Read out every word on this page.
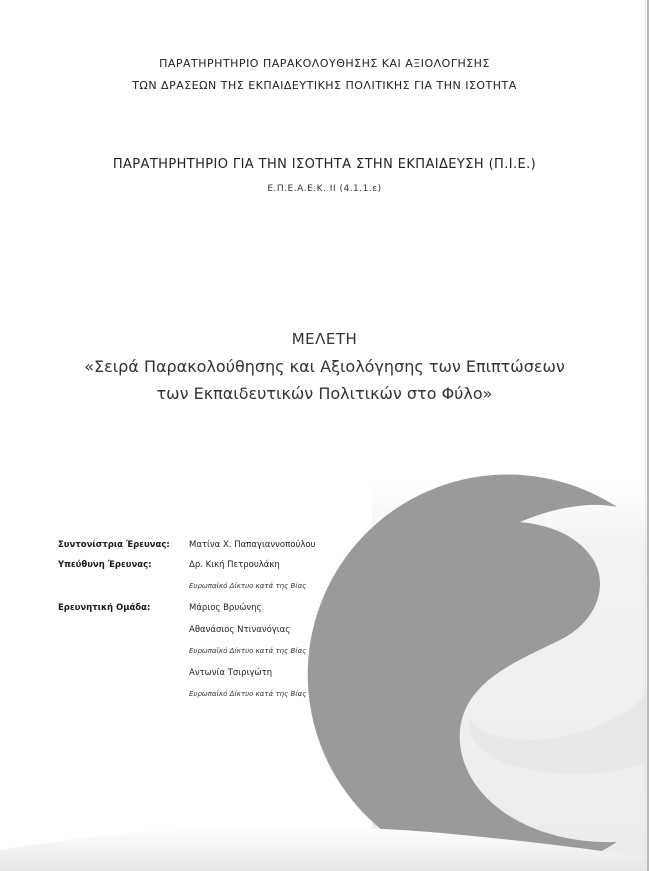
ΠΑΡΑΤΗΡΗΤΗΡΙΟ ΠΑΡΑΚΟΛΟΥΘΗΣΗΣ ΚΑΙ ΑΞΙΟΛΟΓΗΣΗΣ
ΤΩΝ ΔΡΑΣΕΩΝ ΤΗΣ ΕΚΠΑΙΔΕΥΤΙΚΗΣ ΠΟΛΙΤΙΚΗΣ ΓΙΑ ΤΗΝ ΙΣΟΤΗΤΑ
ΠΑΡΑΤΗΡΗΤΗΡΙΟ ΓΙΑ ΤΗΝ ΙΣΟΤΗΤΑ ΣΤΗΝ ΕΚΠΑΙΔΕΥΣΗ (Π.Ι.Ε.)
Ε.Π.Ε.Α.Ε.Κ. ΙΙ (4.1.1.ε)
ΜΕΛΕΤΗ
«Σειρά Παρακολούθησης και Αξιολόγησης των Επιπτώσεων
των Εκπαιδευτικών Πολιτικών στο Φύλο»
Συντονίστρια Έρευνας:	Ματίνα Χ. Παπαγιαννοπούλου
Υπεύθυνη Έρευνας:	Δρ. Κική Πετρουλάκη
Ευρωπαϊκό Δίκτυο κατά της Βίας
Ερευνητική Ομάδα:	Μάριος Βρυώνης
Αθανάσιος Ντινανόγιας
Ευρωπαϊκό Δίκτυο κατά της Βίας
Αντωνία Τσιριγώτη
Ευρωπαϊκό Δίκτυο κατά της Βίας
